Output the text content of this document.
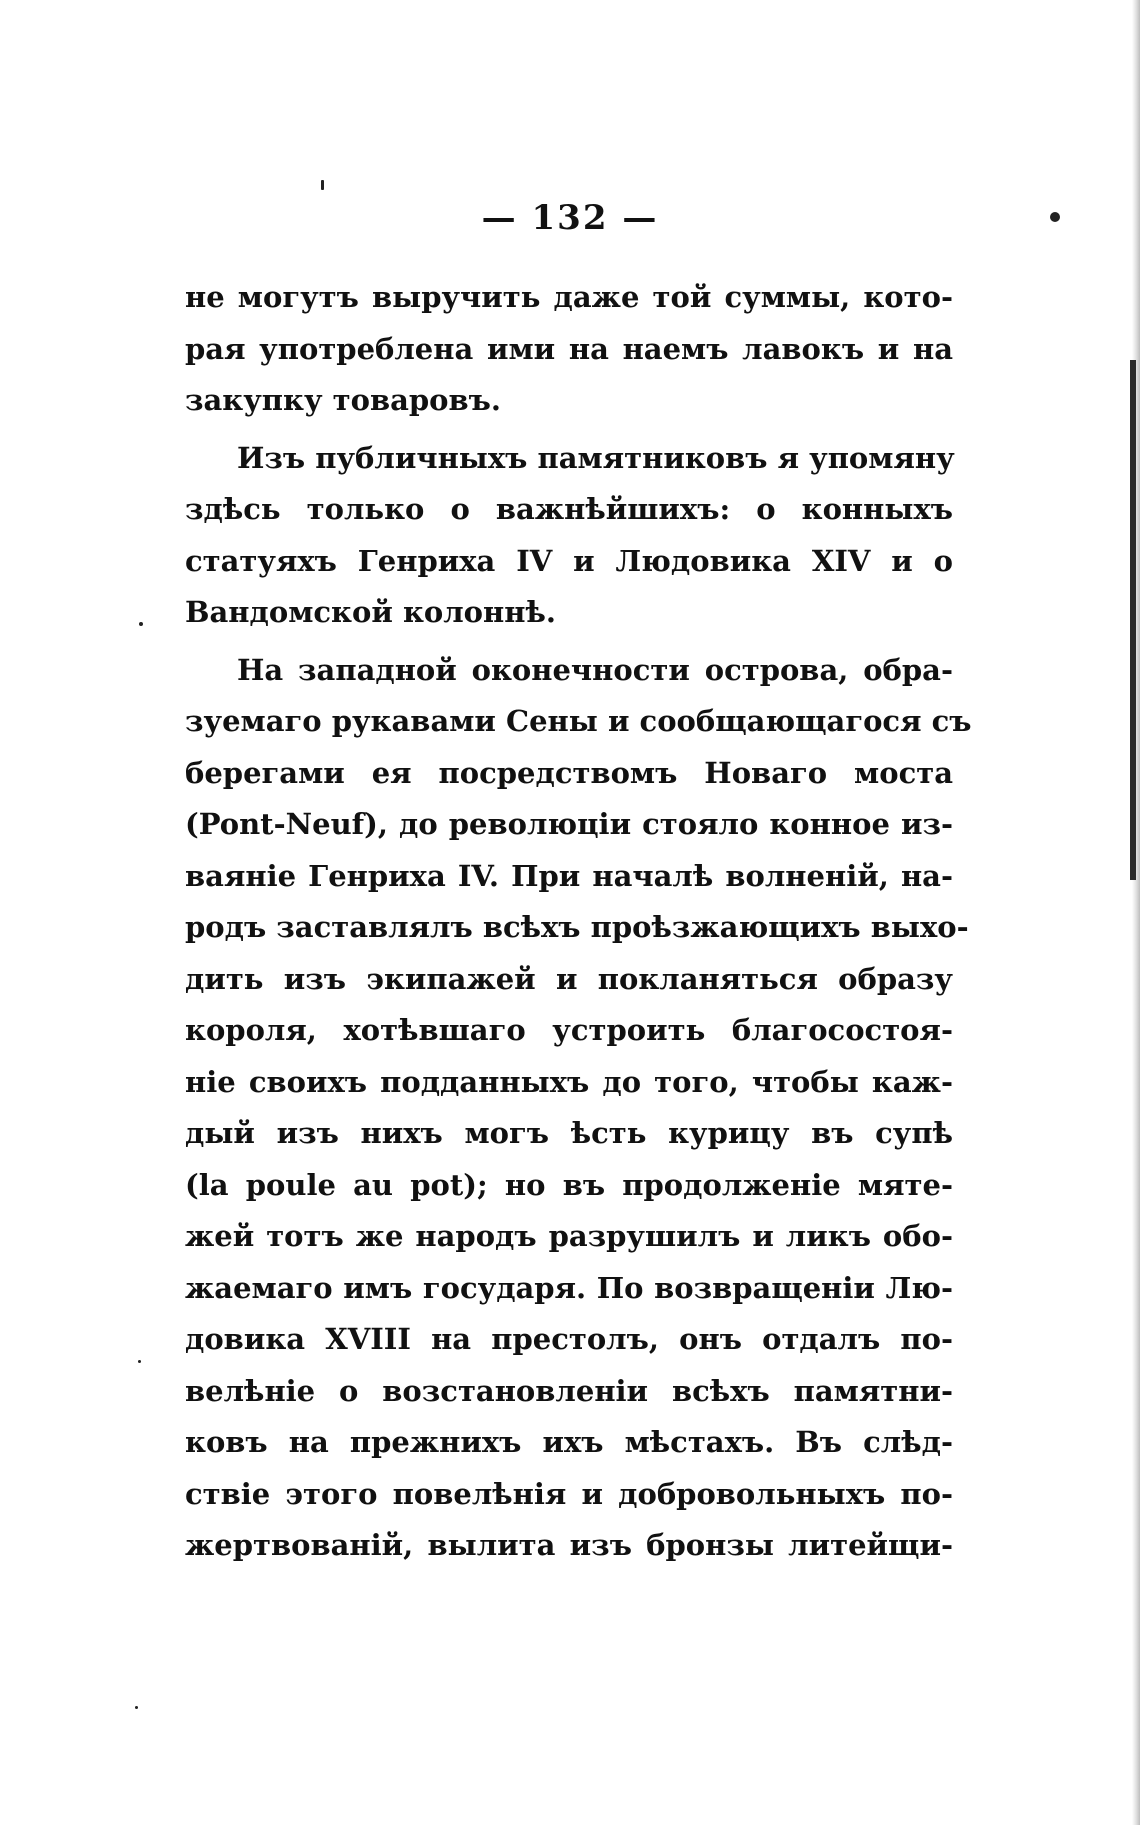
— 132 —
не могутъ выручить даже той суммы, кото-
рая употреблена ими на наемъ лавокъ и на
закупку товаровъ.
Изъ публичныхъ памятниковъ я упомяну
здѣсь только о важнѣйшихъ: о конныхъ
статуяхъ Генриха IV и Людовика XIV и о
Вандомской колоннѣ.
На западной оконечности острова, обра-
зуемаго рукавами Сены и сообщающагося съ
берегами ея посредствомъ Новаго моста
(Pont-Neuf), до революціи стояло конное из-
ваяніе Генриха IV. При началѣ волненій, на-
родъ заставлялъ всѣхъ проѣзжающихъ выхо-
дить изъ экипажей и покланяться образу
короля, хотѣвшаго устроить благосостоя-
ніе своихъ подданныхъ до того, чтобы каж-
дый изъ нихъ могъ ѣсть курицу въ супѣ
(la poule au pot); но въ продолженіе мяте-
жей тотъ же народъ разрушилъ и ликъ обо-
жаемаго имъ государя. По возвращеніи Лю-
довика XVIII на престолъ, онъ отдалъ по-
велѣніе о возстановленіи всѣхъ памятни-
ковъ на прежнихъ ихъ мѣстахъ. Въ слѣд-
ствіе этого повелѣнія и добровольныхъ по-
жертвованій, вылита изъ бронзы литейщи-
